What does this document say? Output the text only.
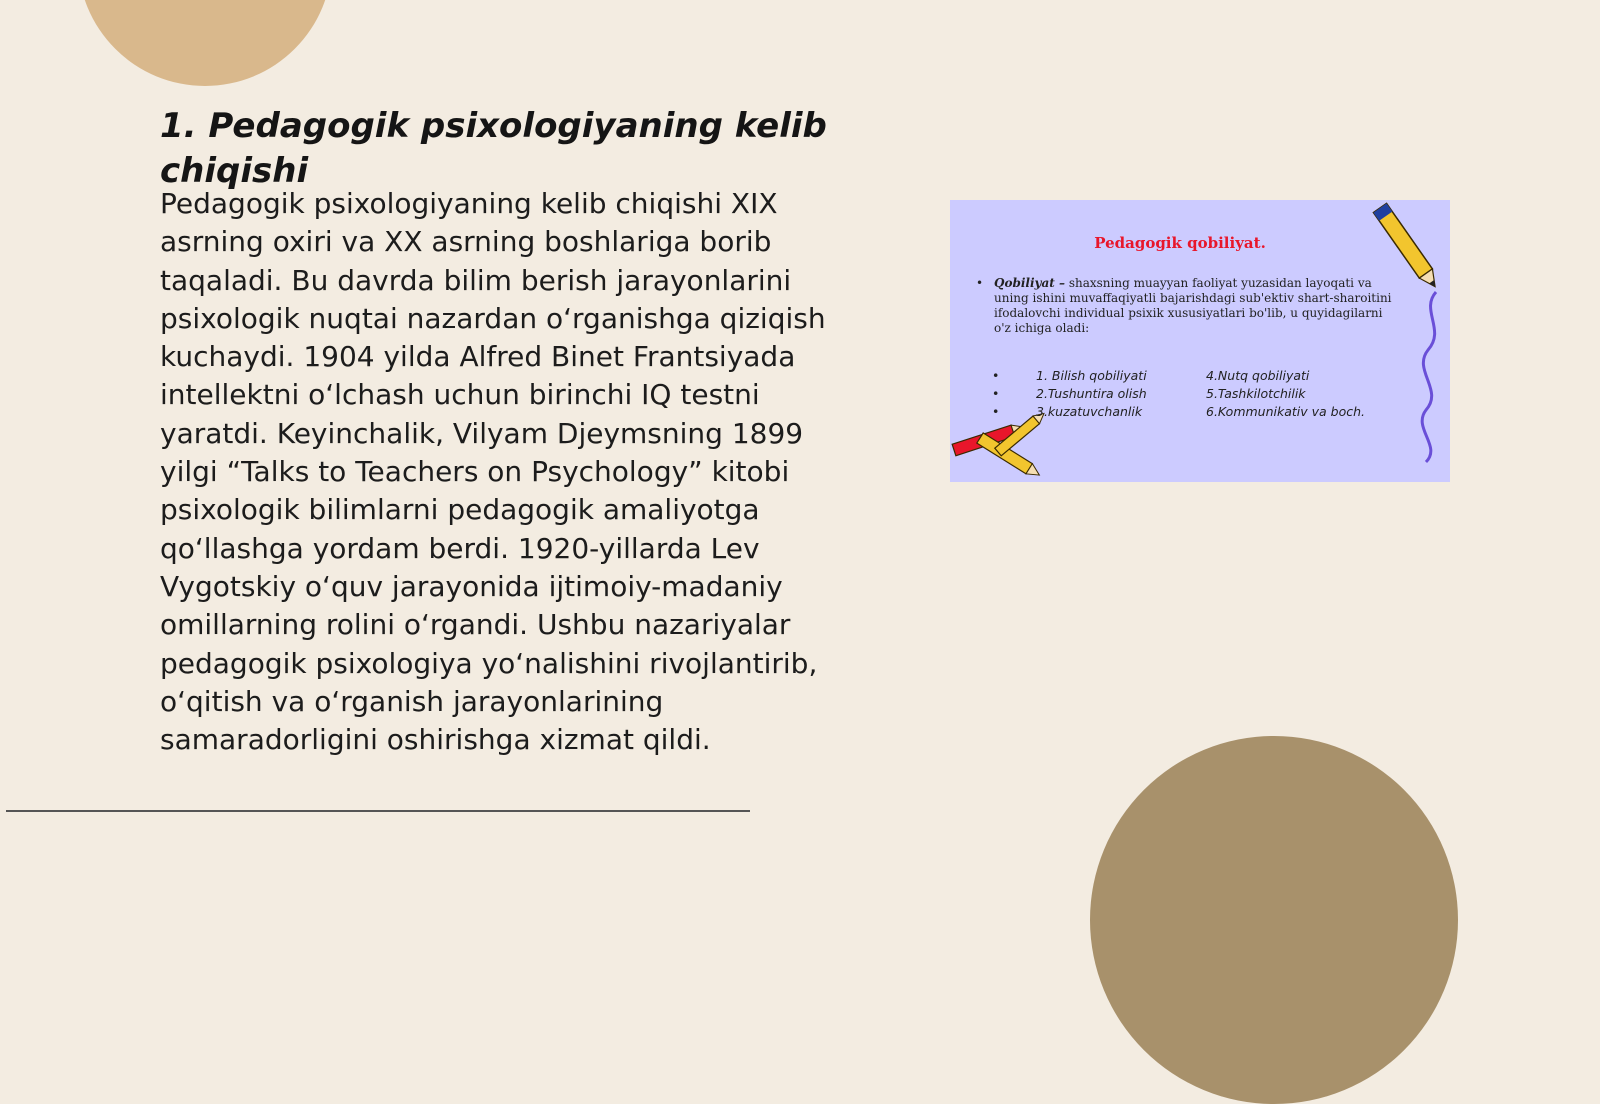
1. Pedagogik psixologiyaning kelib chiqishi

Pedagogik psixologiyaning kelib chiqishi XIX asrning oxiri va XX asrning boshlariga borib taqaladi. Bu davrda bilim berish jarayonlarini psixologik nuqtai nazardan o‘rganishga qiziqish kuchaydi. 1904 yilda Alfred Binet Frantsiyada intellektni o‘lchash uchun birinchi IQ testni yaratdi. Keyinchalik, Vilyam Djeymsning 1899 yilgi “Talks to Teachers on Psychology” kitobi psixologik bilimlarni pedagogik amaliyotga qo‘llashga yordam berdi. 1920-yillarda Lev Vygotskiy o‘quv jarayonida ijtimoiy-madaniy omillarning rolini o‘rgandi. Ushbu nazariyalar pedagogik psixologiya yo‘nalishini rivojlantirib, o‘qitish va o‘rganish jarayonlarining samaradorligini oshirishga xizmat qildi.

Pedagogik qobiliyat.
• Qobiliyat – shaxsning muayyan faoliyat yuzasidan layoqati va uning ishini muvaffaqiyatli bajarishdagi sub'ektiv shart-sharoitini ifodalovchi individual psixik xususiyatlari bo'lib, u quyidagilarni o'z ichiga oladi:
•	1. Bilish qobiliyati	4.Nutq qobiliyati
•	2.Tushuntira olish	5.Tashkilotchilik
•	3.kuzatuvchanlik	6.Kommunikativ va boch.
